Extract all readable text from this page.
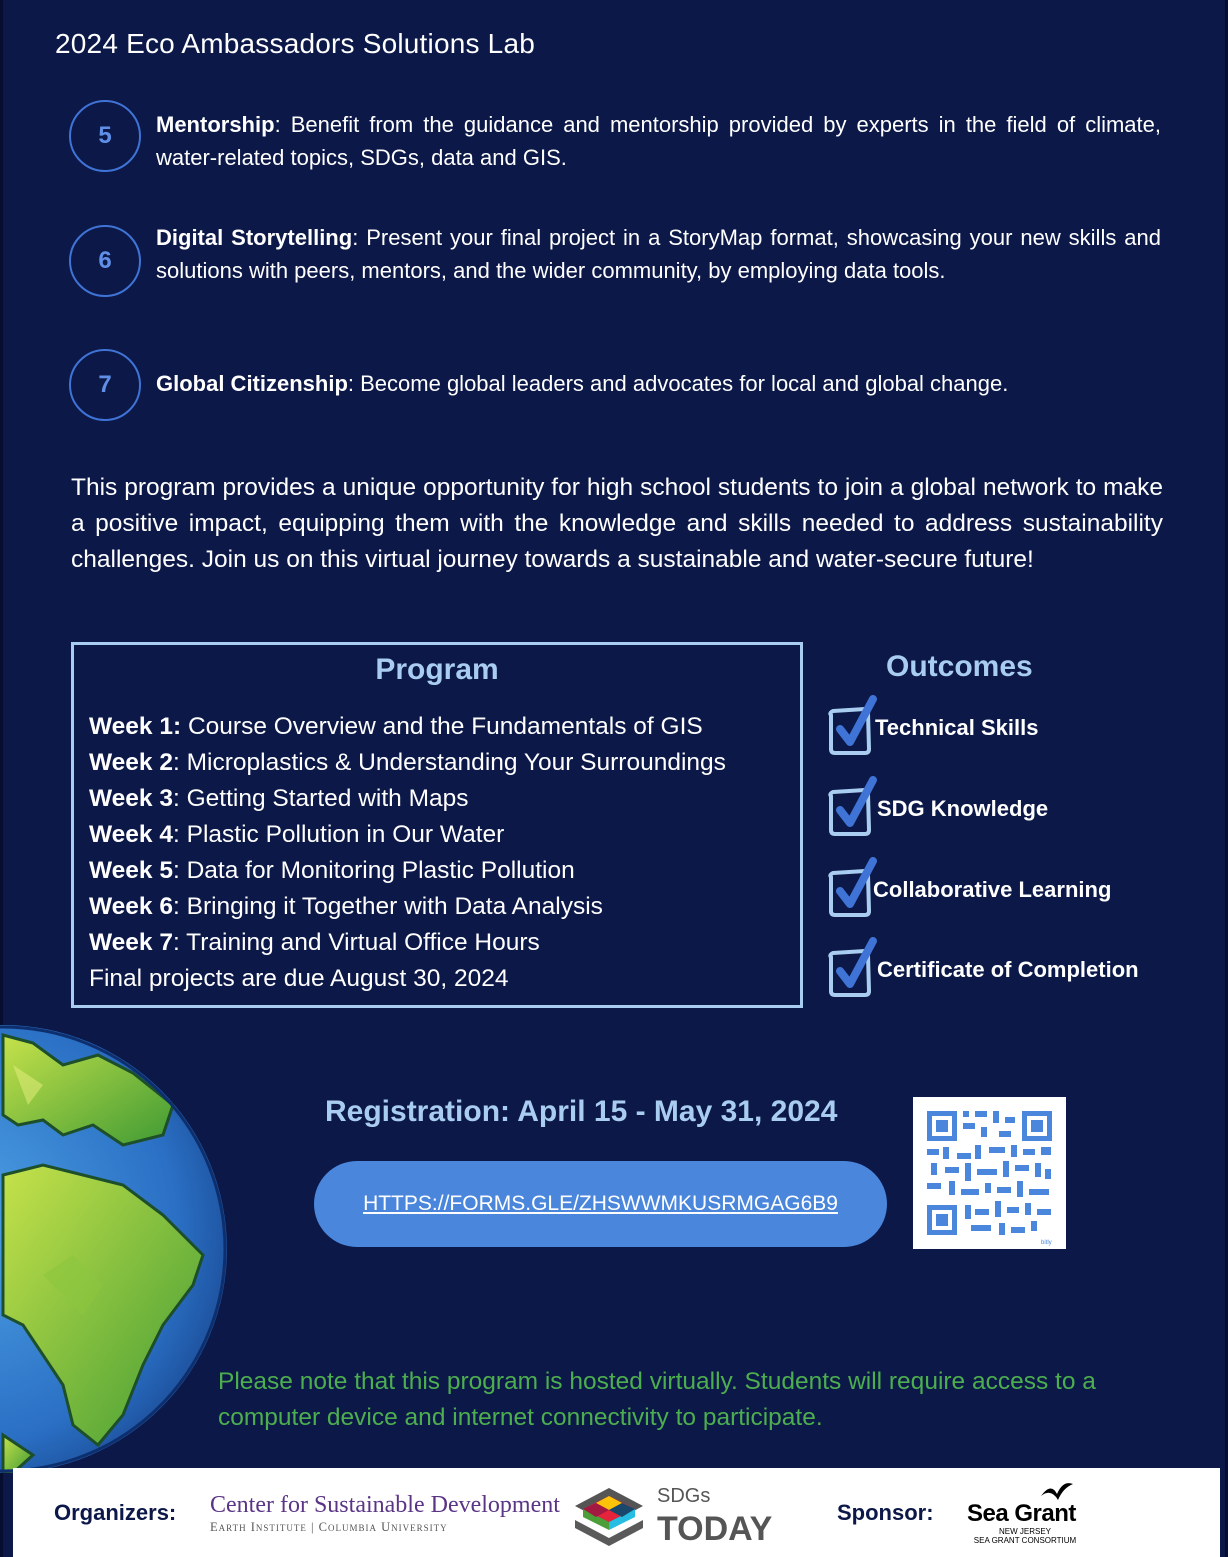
2024 Eco Ambassadors Solutions Lab
5	Mentorship: Benefit from the guidance and mentorship provided by experts in the field of climate, water-related topics, SDGs, data and GIS.
6
Digital Storytelling: Present your final project in a StoryMap format, showcasing your new skills and solutions with peers, mentors, and the wider community, by employing data tools.
7	Global Citizenship: Become global leaders and advocates for local and global change.
This program provides a unique opportunity for high school students to join a global network to make a positive impact, equipping them with the knowledge and skills needed to address sustainability challenges. Join us on this virtual journey towards a sustainable and water-secure future!
Program
Week 1: Course Overview and the Fundamentals of GIS
Week 2: Microplastics & Understanding Your Surroundings
Week 3: Getting Started with Maps
Week 4: Plastic Pollution in Our Water
Week 5: Data for Monitoring Plastic Pollution
Week 6: Bringing it Together with Data Analysis
Week 7: Training and Virtual Office Hours
Final projects are due August 30, 2024
Outcomes
Technical Skills
SDG Knowledge
Collaborative Learning
Certificate of Completion
Registration: April 15 - May 31, 2024
HTTPS://FORMS.GLE/ZHSWWMKUSRMGAG6B9
bitly
Please note that this program is hosted virtually. Students will require access to a computer device and internet connectivity to participate.
Organizers: Center for Sustainable Development
Earth Institute | Columbia University
SDGs
TODAY	Sponsor: Sea Grant
NEW JERSEY
SEA GRANT CONSORTIUM
